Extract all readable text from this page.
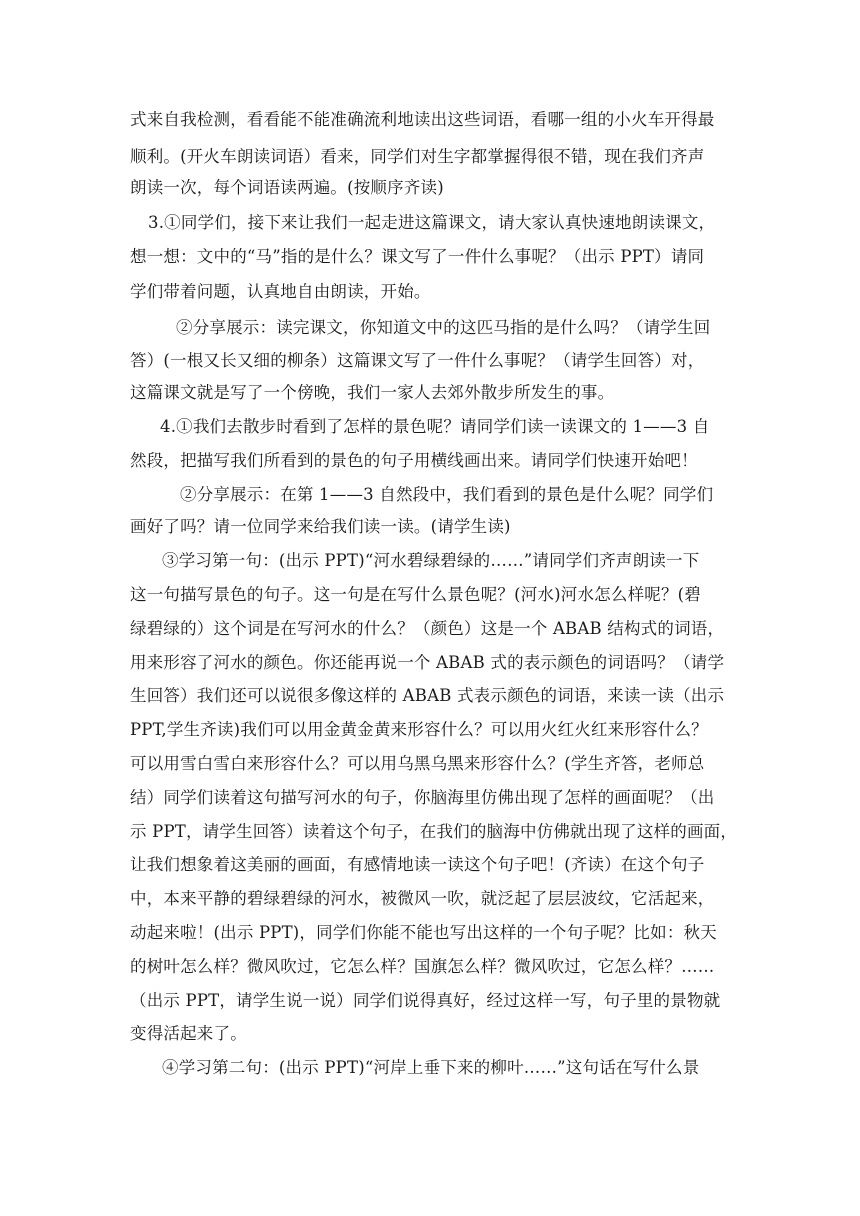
式来自我检测，看看能不能准确流利地读出这些词语，看哪一组的小火车开得最
顺利。(开火车朗读词语）看来，同学们对生字都掌握得很不错，现在我们齐声
朗读一次，每个词语读两遍。(按顺序齐读)
3.①同学们，接下来让我们一起走进这篇课文，请大家认真快速地朗读课文，
想一想：文中的“马”指的是什么？课文写了一件什么事呢？（出示 PPT）请同
学们带着问题，认真地自由朗读，开始。
②分享展示：读完课文，你知道文中的这匹马指的是什么吗？（请学生回
答）(一根又长又细的柳条）这篇课文写了一件什么事呢？（请学生回答）对，
这篇课文就是写了一个傍晚，我们一家人去郊外散步所发生的事。
4.①我们去散步时看到了怎样的景色呢？请同学们读一读课文的 1——3 自
然段，把描写我们所看到的景色的句子用横线画出来。请同学们快速开始吧！
②分享展示：在第 1——3 自然段中，我们看到的景色是什么呢？同学们
画好了吗？请一位同学来给我们读一读。(请学生读)
③学习第一句：(出示 PPT)“河水碧绿碧绿的……”请同学们齐声朗读一下
这一句描写景色的句子。这一句是在写什么景色呢？(河水)河水怎么样呢？(碧
绿碧绿的）这个词是在写河水的什么？（颜色）这是一个 ABAB 结构式的词语，
用来形容了河水的颜色。你还能再说一个 ABAB 式的表示颜色的词语吗？（请学
生回答）我们还可以说很多像这样的 ABAB 式表示颜色的词语，来读一读（出示
PPT,学生齐读)我们可以用金黄金黄来形容什么？可以用火红火红来形容什么？
可以用雪白雪白来形容什么？可以用乌黑乌黑来形容什么？(学生齐答，老师总
结）同学们读着这句描写河水的句子，你脑海里仿佛出现了怎样的画面呢？（出
示 PPT，请学生回答）读着这个句子，在我们的脑海中仿佛就出现了这样的画面，
让我们想象着这美丽的画面，有感情地读一读这个句子吧！(齐读）在这个句子
中，本来平静的碧绿碧绿的河水，被微风一吹，就泛起了层层波纹，它活起来，
动起来啦！(出示 PPT)，同学们你能不能也写出这样的一个句子呢？比如：秋天
的树叶怎么样？微风吹过，它怎么样？国旗怎么样？微风吹过，它怎么样？……
（出示 PPT，请学生说一说）同学们说得真好，经过这样一写，句子里的景物就
变得活起来了。
④学习第二句：(出示 PPT)“河岸上垂下来的柳叶……”这句话在写什么景
